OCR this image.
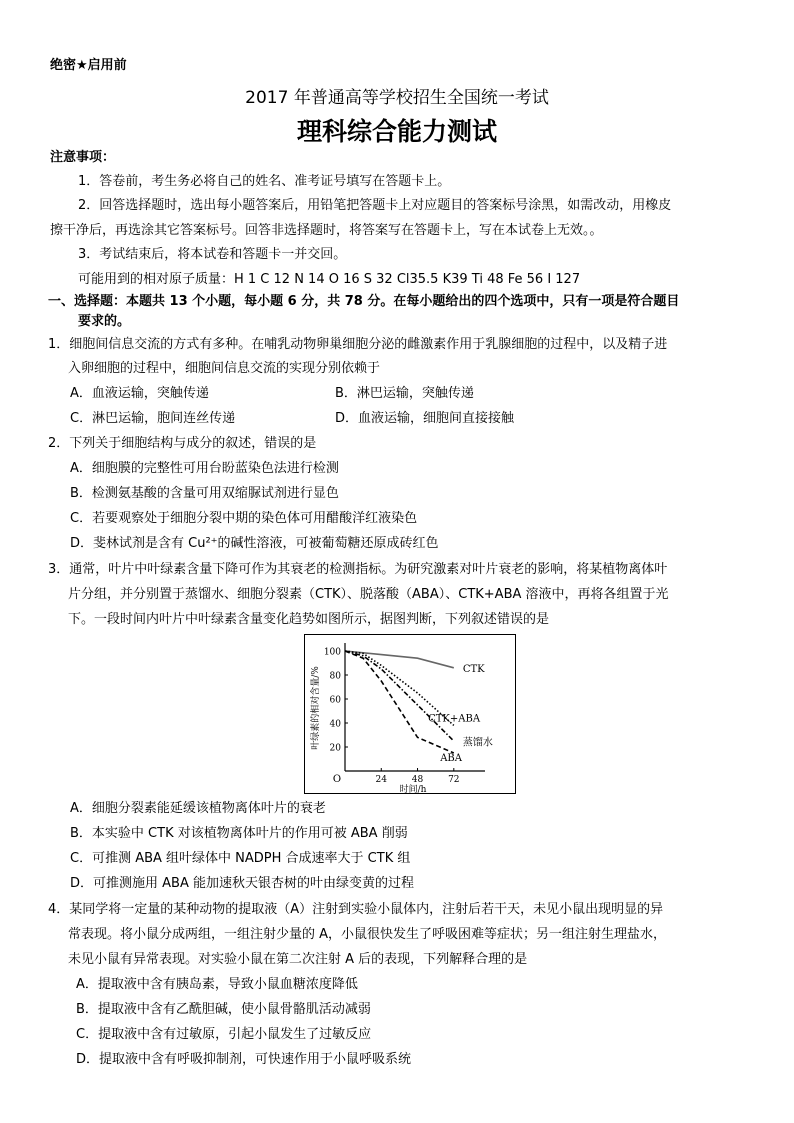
绝密★启用前
2017 年普通高等学校招生全国统一考试
理科综合能力测试
注意事项：
1．答卷前，考生务必将自己的姓名、准考证号填写在答题卡上。
2．回答选择题时，选出每小题答案后，用铅笔把答题卡上对应题目的答案标号涂黑，如需改动，用橡皮
擦干净后，再选涂其它答案标号。回答非选择题时，将答案写在答题卡上，写在本试卷上无效。。
3．考试结束后，将本试卷和答题卡一并交回。
可能用到的相对原子质量：H 1 C 12 N 14 O 16 S 32 Cl35.5 K39 Ti 48 Fe 56 I 127
一、选择题：本题共 13 个小题，每小题 6 分，共 78 分。在每小题给出的四个选项中，只有一项是符合题目
要求的。
1．细胞间信息交流的方式有多种。在哺乳动物卵巢细胞分泌的雌激素作用于乳腺细胞的过程中，以及精子进
入卵细胞的过程中，细胞间信息交流的实现分别依赖于
A．血液运输，突触传递	B．淋巴运输，突触传递
C．淋巴运输，胞间连丝传递	D．血液运输，细胞间直接接触
2．下列关于细胞结构与成分的叙述，错误的是
A．细胞膜的完整性可用台盼蓝染色法进行检测
B．检测氨基酸的含量可用双缩脲试剂进行显色
C．若要观察处于细胞分裂中期的染色体可用醋酸洋红液染色
D．斐林试剂是含有 Cu²⁺的碱性溶液，可被葡萄糖还原成砖红色
3．通常，叶片中叶绿素含量下降可作为其衰老的检测指标。为研究激素对叶片衰老的影响，将某植物离体叶
片分组，并分别置于蒸馏水、细胞分裂素（CTK）、脱落酸（ABA）、CTK+ABA 溶液中，再将各组置于光
下。一段时间内叶片中叶绿素含量变化趋势如图所示，据图判断，下列叙述错误的是
20
40
60
80
100
24	48	72
O
时间/h
叶绿素的相对含量/%	CTK
CTK+ABA
蒸馏水
ABA
A．细胞分裂素能延缓该植物离体叶片的衰老
B．本实验中 CTK 对该植物离体叶片的作用可被 ABA 削弱
C．可推测 ABA 组叶绿体中 NADPH 合成速率大于 CTK 组
D．可推测施用 ABA 能加速秋天银杏树的叶由绿变黄的过程
4．某同学将一定量的某种动物的提取液（A）注射到实验小鼠体内，注射后若干天，未见小鼠出现明显的异
常表现。将小鼠分成两组，一组注射少量的 A，小鼠很快发生了呼吸困难等症状；另一组注射生理盐水，
未见小鼠有异常表现。对实验小鼠在第二次注射 A 后的表现，下列解释合理的是
A．提取液中含有胰岛素，导致小鼠血糖浓度降低
B．提取液中含有乙酰胆碱，使小鼠骨骼肌活动减弱
C．提取液中含有过敏原，引起小鼠发生了过敏反应
D．提取液中含有呼吸抑制剂，可快速作用于小鼠呼吸系统
